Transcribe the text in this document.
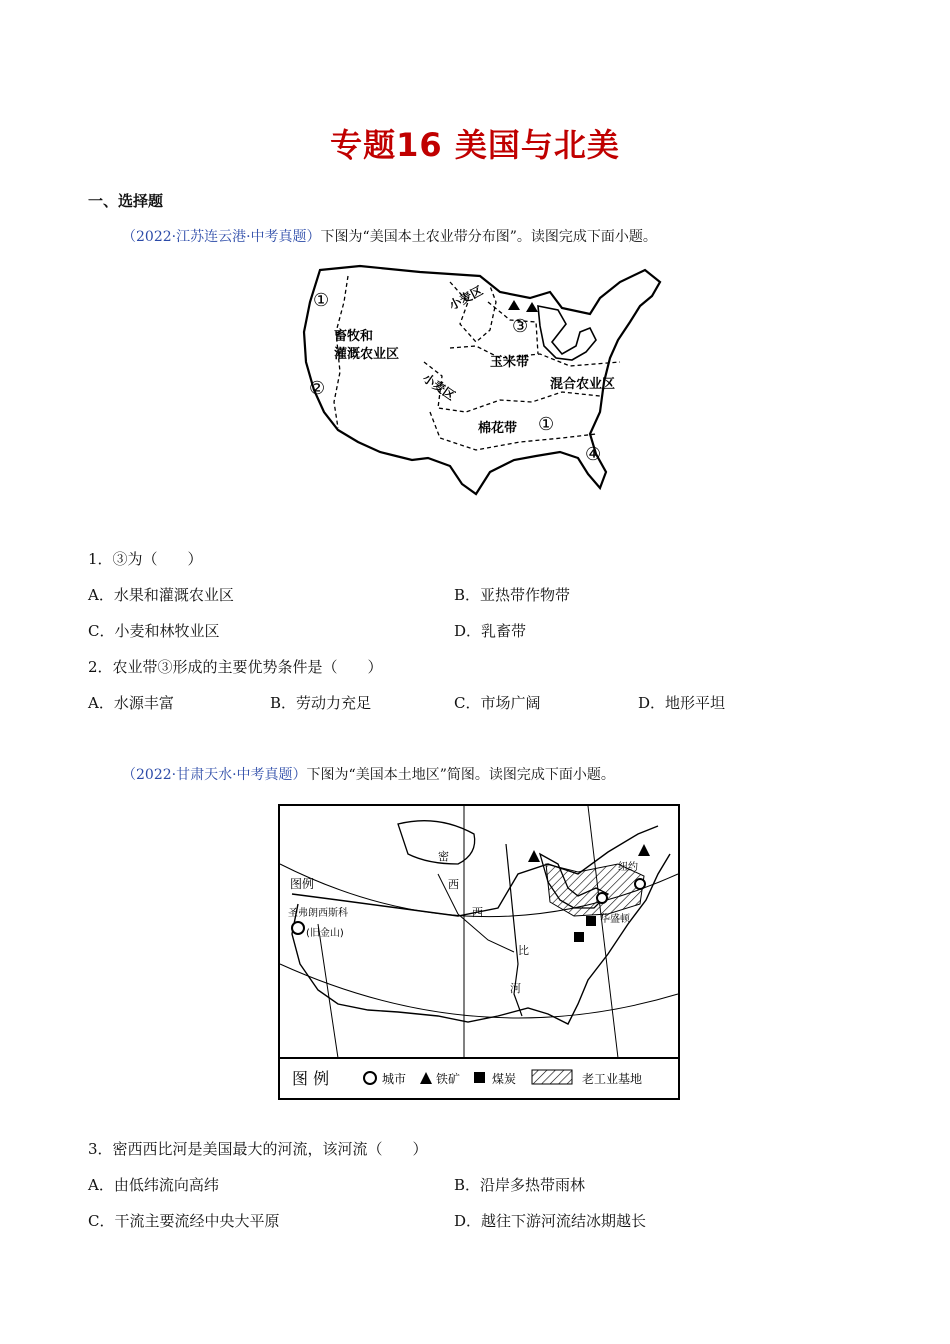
专题16 美国与北美
一、选择题
（2022·江苏连云港·中考真题）下图为“美国本土农业带分布图”。读图完成下面小题。
畜牧和
灌溉农业区
小麦区
小麦区
玉米带
混合农业区
棉花带
①
②
③
④
①
1．③为（　　）
A．水果和灌溉农业区	B．亚热带作物带
C．小麦和林牧业区	D．乳畜带
2．农业带③形成的主要优势条件是（　　）
A．水源丰富	B．劳动力充足	C．市场广阔	D．地形平坦
（2022·甘肃天水·中考真题）下图为“美国本土地区”简图。读图完成下面小题。
图例
圣弗朗西斯科
(旧金山)
纽约
华盛顿
密
西
西
比
河
图 例	城市 铁矿	煤炭	老工业基地
3．密西西比河是美国最大的河流，该河流（　　）
A．由低纬流向高纬	B．沿岸多热带雨林
C．干流主要流经中央大平原	D．越往下游河流结冰期越长
